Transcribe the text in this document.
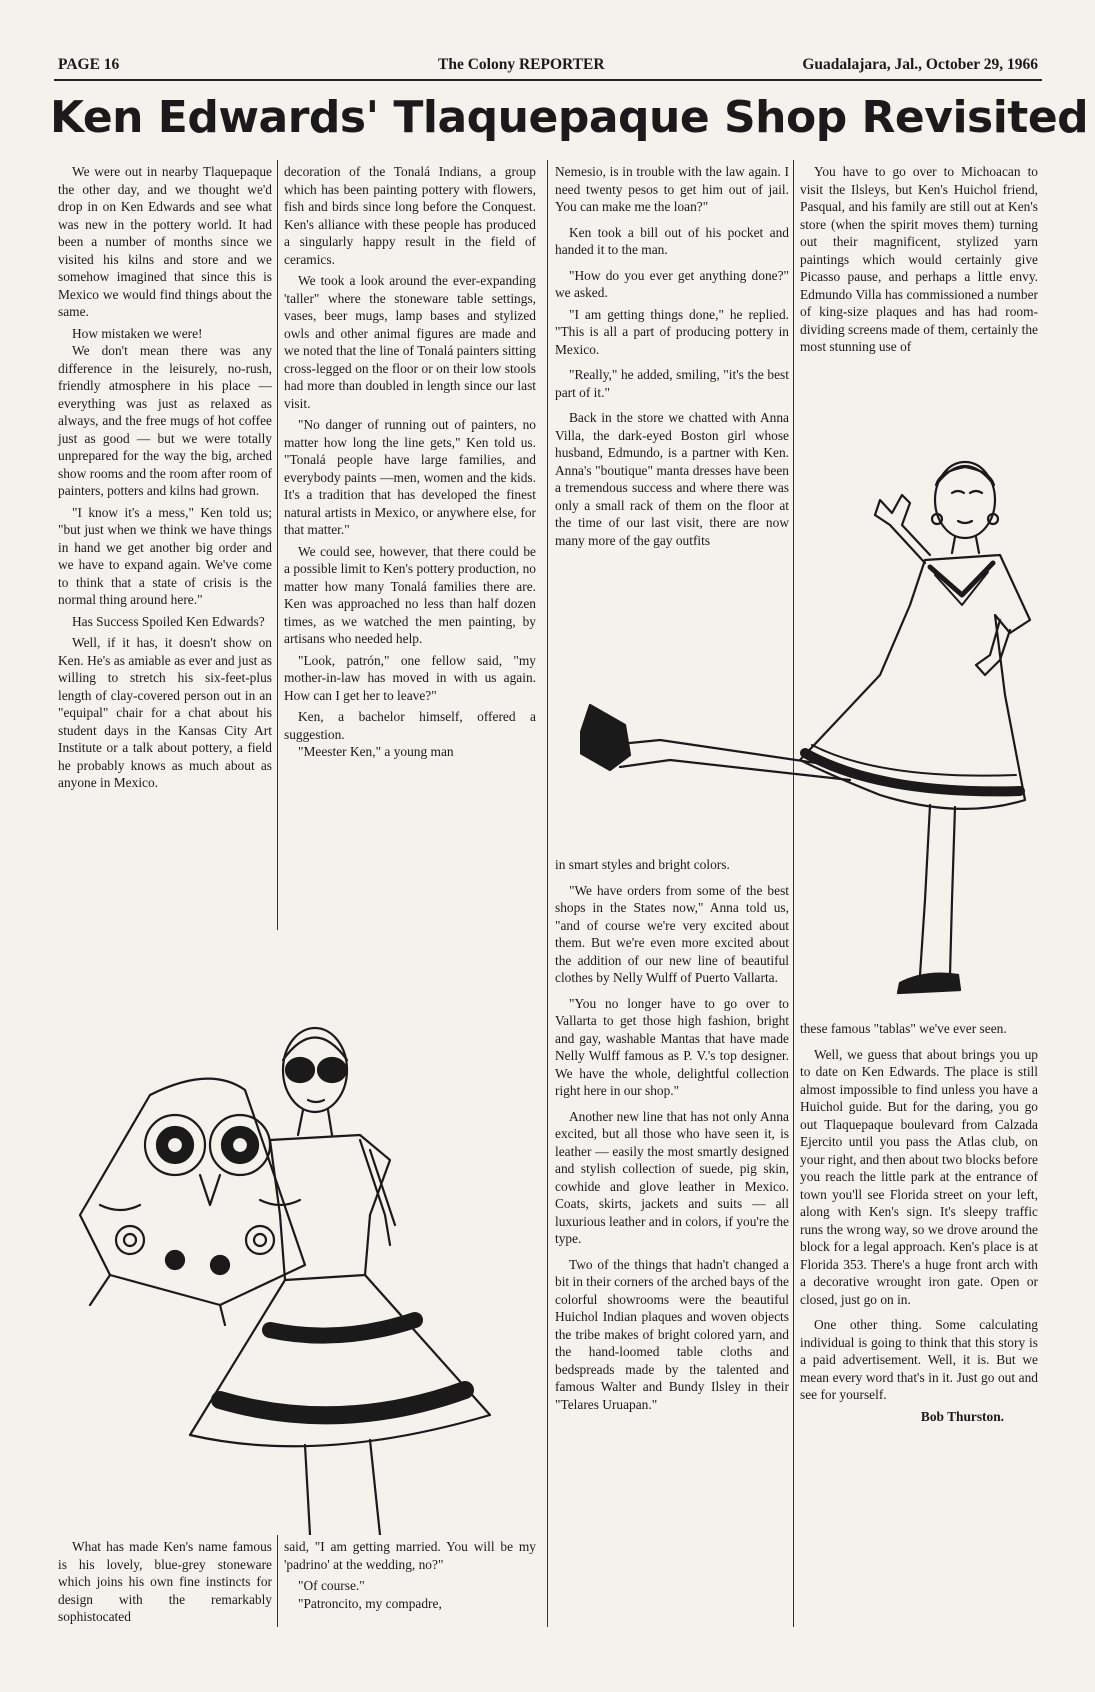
PAGE 16	The Colony REPORTER	Guadalajara, Jal., October 29, 1966
Ken Edwards' Tlaquepaque Shop Revisited

We were out in nearby Tlaquepaque the other day, and we thought we'd drop in on Ken Edwards and see what was new in the pottery world. It had been a number of months since we visited his kilns and store and we somehow imagined that since this is Mexico we would find things about the same.

How mistaken we were!

We don't mean there was any difference in the leisurely, no-rush, friendly atmosphere in his place — everything was just as relaxed as always, and the free mugs of hot coffee just as good — but we were totally unprepared for the way the big, arched show rooms and the room after room of painters, potters and kilns had grown.

"I know it's a mess," Ken told us; "but just when we think we have things in hand we get another big order and we have to expand again. We've come to think that a state of crisis is the normal thing around here."

Has Success Spoiled Ken Edwards?

Well, if it has, it doesn't show on Ken. He's as amiable as ever and just as willing to stretch his six-feet-plus length of clay-covered person out in an "equipal" chair for a chat about his student days in the Kansas City Art Institute or a talk about pottery, a field he probably knows as much about as anyone in Mexico.

decoration of the Tonalá Indians, a group which has been painting pottery with flowers, fish and birds since long before the Conquest. Ken's alliance with these people has produced a singularly happy result in the field of ceramics.

We took a look around the ever-expanding 'taller" where the stoneware table settings, vases, beer mugs, lamp bases and stylized owls and other animal figures are made and we noted that the line of Tonalá painters sitting cross-legged on the floor or on their low stools had more than doubled in length since our last visit.

"No danger of running out of painters, no matter how long the line gets," Ken told us. "Tonalá people have large families, and everybody paints —men, women and the kids. It's a tradition that has developed the finest natural artists in Mexico, or anywhere else, for that matter."

We could see, however, that there could be a possible limit to Ken's pottery production, no matter how many Tonalá families there are. Ken was approached no less than half dozen times, as we watched the men painting, by artisans who needed help.

"Look, patrón," one fellow said, "my mother-in-law has moved in with us again. How can I get her to leave?"

Ken, a bachelor himself, offered a suggestion.

"Meester Ken," a young man

Nemesio, is in trouble with the law again. I need twenty pesos to get him out of jail. You can make me the loan?"

Ken took a bill out of his pocket and handed it to the man.

"How do you ever get anything done?" we asked.

"I am getting things done," he replied. "This is all a part of producing pottery in Mexico.

"Really," he added, smiling, "it's the best part of it."

Back in the store we chatted with Anna Villa, the dark-eyed Boston girl whose husband, Edmundo, is a partner with Ken. Anna's "boutique" manta dresses have been a tremendous success and where there was only a small rack of them on the floor at the time of our last visit, there are now many more of the gay outfits

You have to go over to Michoacan to visit the Ilsleys, but Ken's Huichol friend, Pasqual, and his family are still out at Ken's store (when the spirit moves them) turning out their magnificent, stylized yarn paintings which would certainly give Picasso pause, and perhaps a little envy. Edmundo Villa has commissioned a number of king-size plaques and has had room-dividing screens made of them, certainly the most stunning use of

in smart styles and bright colors.

"We have orders from some of the best shops in the States now," Anna told us, "and of course we're very excited about them. But we're even more excited about the addition of our new line of beautiful clothes by Nelly Wulff of Puerto Vallarta.

"You no longer have to go over to Vallarta to get those high fashion, bright and gay, washable Mantas that have made Nelly Wulff famous as P. V.'s top designer. We have the whole, delightful collection right here in our shop."

Another new line that has not only Anna excited, but all those who have seen it, is leather — easily the most smartly designed and stylish collection of suede, pig skin, cowhide and glove leather in Mexico. Coats, skirts, jackets and suits — all luxurious leather and in colors, if you're the type.

Two of the things that hadn't changed a bit in their corners of the arched bays of the colorful showrooms were the beautiful Huichol Indian plaques and woven objects the tribe makes of bright colored yarn, and the hand-loomed table cloths and bedspreads made by the talented and famous Walter and Bundy Ilsley in their "Telares Uruapan."

these famous "tablas" we've ever seen.

Well, we guess that about brings you up to date on Ken Edwards. The place is still almost impossible to find unless you have a Huichol guide. But for the daring, you go out Tlaquepaque boulevard from Calzada Ejercito until you pass the Atlas club, on your right, and then about two blocks before you reach the little park at the entrance of town you'll see Florida street on your left, along with Ken's sign. It's sleepy traffic runs the wrong way, so we drove around the block for a legal approach. Ken's place is at Florida 353. There's a huge front arch with a decorative wrought iron gate. Open or closed, just go on in.

One other thing. Some calculating individual is going to think that this story is a paid advertisement. Well, it is. But we mean every word that's in it. Just go out and see for yourself.

Bob Thurston.

What has made Ken's name famous is his lovely, blue-grey stoneware which joins his own fine instincts for design with the remarkably sophistocated

said, "I am getting married. You will be my 'padrino' at the wedding, no?"

"Of course."

"Patroncito, my compadre,
